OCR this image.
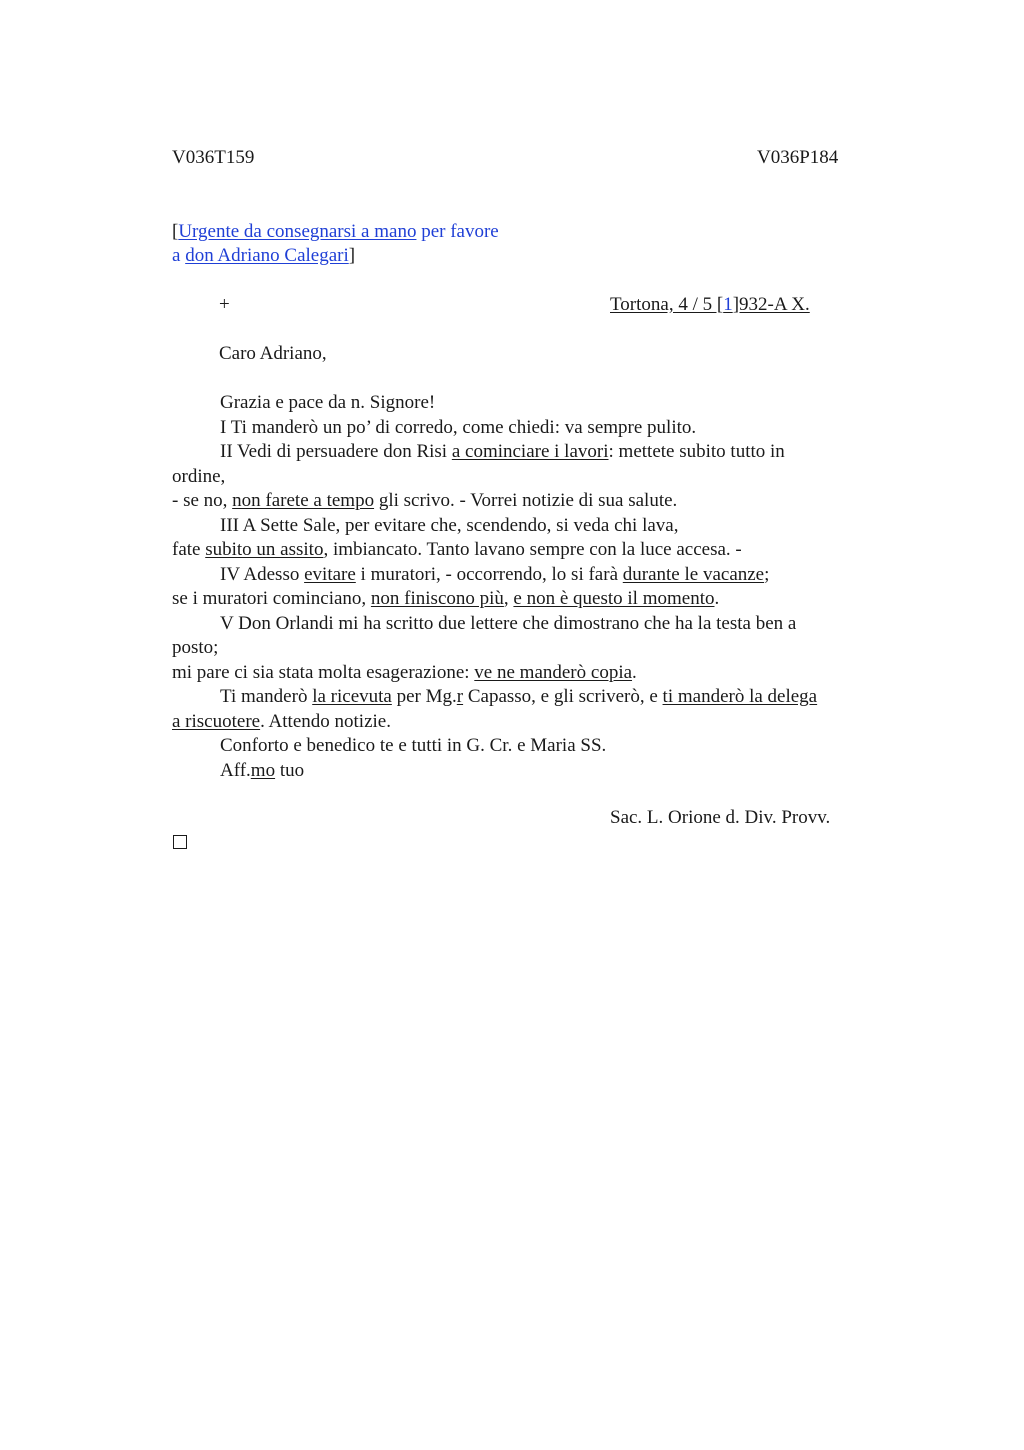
V036T159	V036P184
[Urgente da consegnarsi a mano per favore
a don Adriano Calegari]
+	Tortona, 4 / 5 [1]932-A X.
Caro Adriano,
Grazia e pace da n. Signore!
I Ti manderò un po’ di corredo, come chiedi: va sempre pulito.
II Vedi di persuadere don Risi a cominciare i lavori: mettete subito tutto in
ordine,
- se no, non farete a tempo gli scrivo. - Vorrei notizie di sua salute.
III A Sette Sale, per evitare che, scendendo, si veda chi lava,
fate subito un assito, imbiancato. Tanto lavano sempre con la luce accesa. -
IV Adesso evitare i muratori, - occorrendo, lo si farà durante le vacanze;
se i muratori cominciano, non finiscono più, e non è questo il momento.
V Don Orlandi mi ha scritto due lettere che dimostrano che ha la testa ben a
posto;
mi pare ci sia stata molta esagerazione: ve ne manderò copia.
Ti manderò la ricevuta per Mg.r Capasso, e gli scriverò, e ti manderò la delega
a riscuotere. Attendo notizie.
Conforto e benedico te e tutti in G. Cr. e Maria SS.
Aff.mo tuo
Sac. L. Orione d. Div. Provv.
